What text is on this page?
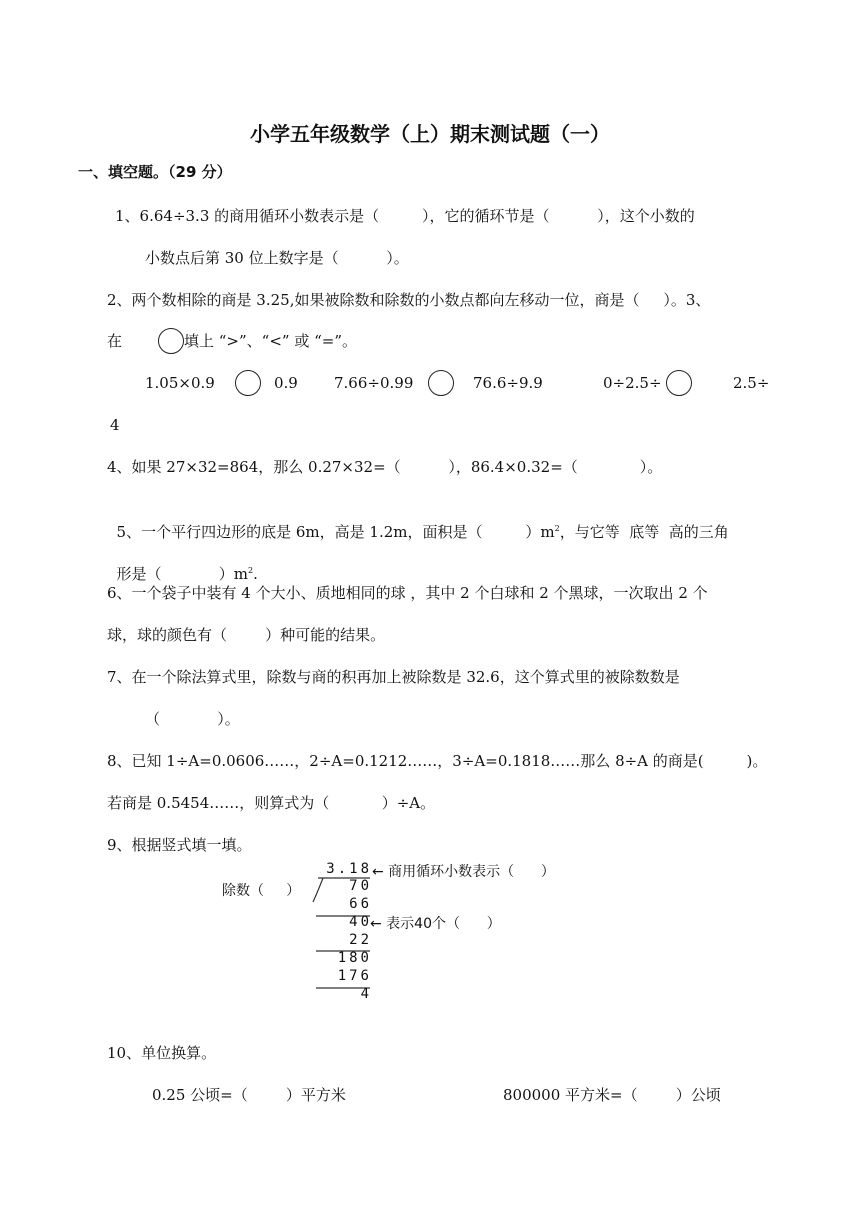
小学五年级数学（上）期末测试题（一）
一、填空题。（29 分）
1、6.64÷3.3 的商用循环小数表示是（         ），它的循环节是（          ），这个小数的
小数点后第 30 位上数字是（          ）。
2、两个数相除的商是 3.25,如果被除数和除数的小数点都向左移动一位，商是（     ）。3、
在	填上 “>”、“<” 或 “=”。
1.05×0.9	0.9 7.66÷0.99	76.6÷9.9	0÷2.5÷	2.5÷
4
4、如果 27×32=864，那么 0.27×32=（          ），86.4×0.32=（             ）。

5、一个平行四边形的底是 6m，高是 1.2m，面积是（         ）$m^2$，与它等  底等  高的三角

形是（            ）$m^2$.

6、一个袋子中装有 4 个大小、质地相同的球 ，其中 2 个白球和 2 个黑球，一次取出 2 个
球，球的颜色有（        ）种可能的结果。
7、在一个除法算式里，除数与商的积再加上被除数是 32.6，这个算式里的被除数数是
（            ）。
8、已知 1÷A=0.0606……，2÷A=0.1212……，3÷A=0.1818……那么 8÷A 的商是(         )。
若商是 0.5454……，则算式为（           ）÷A。
9、根据竖式填一填。
除数（     ）
← 商用循环小数表示（      ）
← 表示40个（      ）
3.18
70
66
40
22
180
176
4
10、单位换算。
0.25 公顷=（        ）平方米	800000 平方米=（        ）公顷
